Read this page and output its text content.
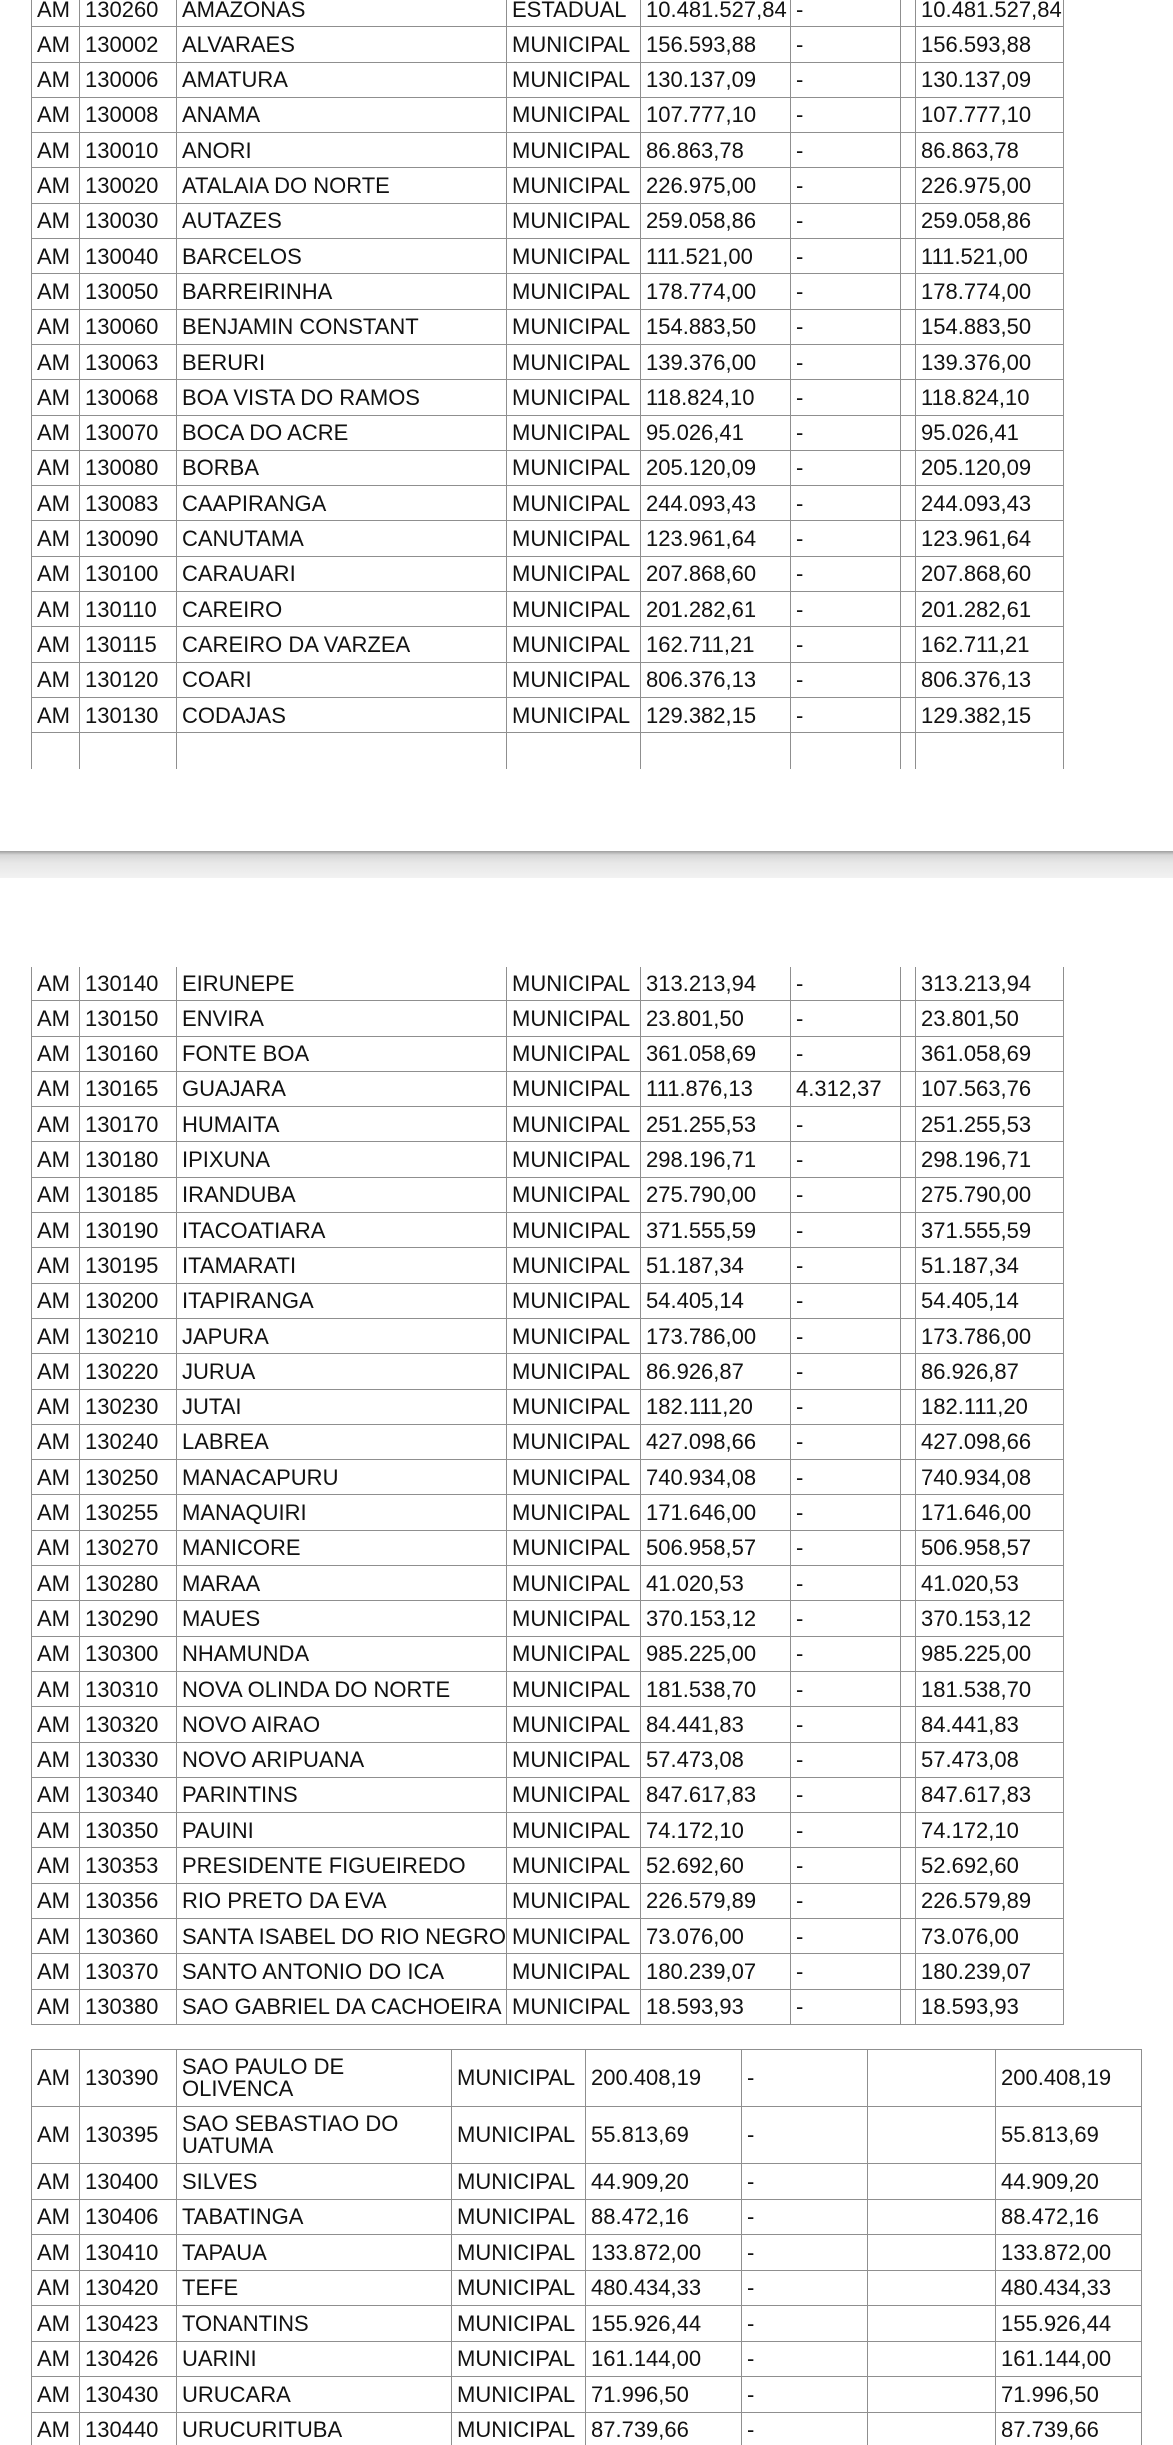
AM	130260	AMAZONAS	ESTADUAL	10.481.527,84	-		10.481.527,84
AM	130002	ALVARAES	MUNICIPAL	156.593,88	-		156.593,88
AM	130006	AMATURA	MUNICIPAL	130.137,09	-		130.137,09
AM	130008	ANAMA	MUNICIPAL	107.777,10	-		107.777,10
AM	130010	ANORI	MUNICIPAL	86.863,78	-		86.863,78
AM	130020	ATALAIA DO NORTE	MUNICIPAL	226.975,00	-		226.975,00
AM	130030	AUTAZES	MUNICIPAL	259.058,86	-		259.058,86
AM	130040	BARCELOS	MUNICIPAL	111.521,00	-		111.521,00
AM	130050	BARREIRINHA	MUNICIPAL	178.774,00	-		178.774,00
AM	130060	BENJAMIN CONSTANT	MUNICIPAL	154.883,50	-		154.883,50
AM	130063	BERURI	MUNICIPAL	139.376,00	-		139.376,00
AM	130068	BOA VISTA DO RAMOS	MUNICIPAL	118.824,10	-		118.824,10
AM	130070	BOCA DO ACRE	MUNICIPAL	95.026,41	-		95.026,41
AM	130080	BORBA	MUNICIPAL	205.120,09	-		205.120,09
AM	130083	CAAPIRANGA	MUNICIPAL	244.093,43	-		244.093,43
AM	130090	CANUTAMA	MUNICIPAL	123.961,64	-		123.961,64
AM	130100	CARAUARI	MUNICIPAL	207.868,60	-		207.868,60
AM	130110	CAREIRO	MUNICIPAL	201.282,61	-		201.282,61
AM	130115	CAREIRO DA VARZEA	MUNICIPAL	162.711,21	-		162.711,21
AM	130120	COARI	MUNICIPAL	806.376,13	-		806.376,13
AM	130130	CODAJAS	MUNICIPAL	129.382,15	-		129.382,15

AM	130140	EIRUNEPE	MUNICIPAL	313.213,94	-		313.213,94
AM	130150	ENVIRA	MUNICIPAL	23.801,50	-		23.801,50
AM	130160	FONTE BOA	MUNICIPAL	361.058,69	-		361.058,69
AM	130165	GUAJARA	MUNICIPAL	111.876,13	4.312,37		107.563,76
AM	130170	HUMAITA	MUNICIPAL	251.255,53	-		251.255,53
AM	130180	IPIXUNA	MUNICIPAL	298.196,71	-		298.196,71
AM	130185	IRANDUBA	MUNICIPAL	275.790,00	-		275.790,00
AM	130190	ITACOATIARA	MUNICIPAL	371.555,59	-		371.555,59
AM	130195	ITAMARATI	MUNICIPAL	51.187,34	-		51.187,34
AM	130200	ITAPIRANGA	MUNICIPAL	54.405,14	-		54.405,14
AM	130210	JAPURA	MUNICIPAL	173.786,00	-		173.786,00
AM	130220	JURUA	MUNICIPAL	86.926,87	-		86.926,87
AM	130230	JUTAI	MUNICIPAL	182.111,20	-		182.111,20
AM	130240	LABREA	MUNICIPAL	427.098,66	-		427.098,66
AM	130250	MANACAPURU	MUNICIPAL	740.934,08	-		740.934,08
AM	130255	MANAQUIRI	MUNICIPAL	171.646,00	-		171.646,00
AM	130270	MANICORE	MUNICIPAL	506.958,57	-		506.958,57
AM	130280	MARAA	MUNICIPAL	41.020,53	-		41.020,53
AM	130290	MAUES	MUNICIPAL	370.153,12	-		370.153,12
AM	130300	NHAMUNDA	MUNICIPAL	985.225,00	-		985.225,00
AM	130310	NOVA OLINDA DO NORTE	MUNICIPAL	181.538,70	-		181.538,70
AM	130320	NOVO AIRAO	MUNICIPAL	84.441,83	-		84.441,83
AM	130330	NOVO ARIPUANA	MUNICIPAL	57.473,08	-		57.473,08
AM	130340	PARINTINS	MUNICIPAL	847.617,83	-		847.617,83
AM	130350	PAUINI	MUNICIPAL	74.172,10	-		74.172,10
AM	130353	PRESIDENTE FIGUEIREDO	MUNICIPAL	52.692,60	-		52.692,60
AM	130356	RIO PRETO DA EVA	MUNICIPAL	226.579,89	-		226.579,89
AM	130360	SANTA ISABEL DO RIO NEGRO	MUNICIPAL	73.076,00	-		73.076,00
AM	130370	SANTO ANTONIO DO ICA	MUNICIPAL	180.239,07	-		180.239,07
AM	130380	SAO GABRIEL DA CACHOEIRA	MUNICIPAL	18.593,93	-		18.593,93
AM	130390	SAO PAULO DE OLIVENCA	MUNICIPAL	200.408,19	-		200.408,19
AM	130395	SAO SEBASTIAO DO UATUMA	MUNICIPAL	55.813,69	-		55.813,69
AM	130400	SILVES	MUNICIPAL	44.909,20	-		44.909,20
AM	130406	TABATINGA	MUNICIPAL	88.472,16	-		88.472,16
AM	130410	TAPAUA	MUNICIPAL	133.872,00	-		133.872,00
AM	130420	TEFE	MUNICIPAL	480.434,33	-		480.434,33
AM	130423	TONANTINS	MUNICIPAL	155.926,44	-		155.926,44
AM	130426	UARINI	MUNICIPAL	161.144,00	-		161.144,00
AM	130430	URUCARA	MUNICIPAL	71.996,50	-		71.996,50
AM	130440	URUCURITUBA	MUNICIPAL	87.739,66	-		87.739,66
